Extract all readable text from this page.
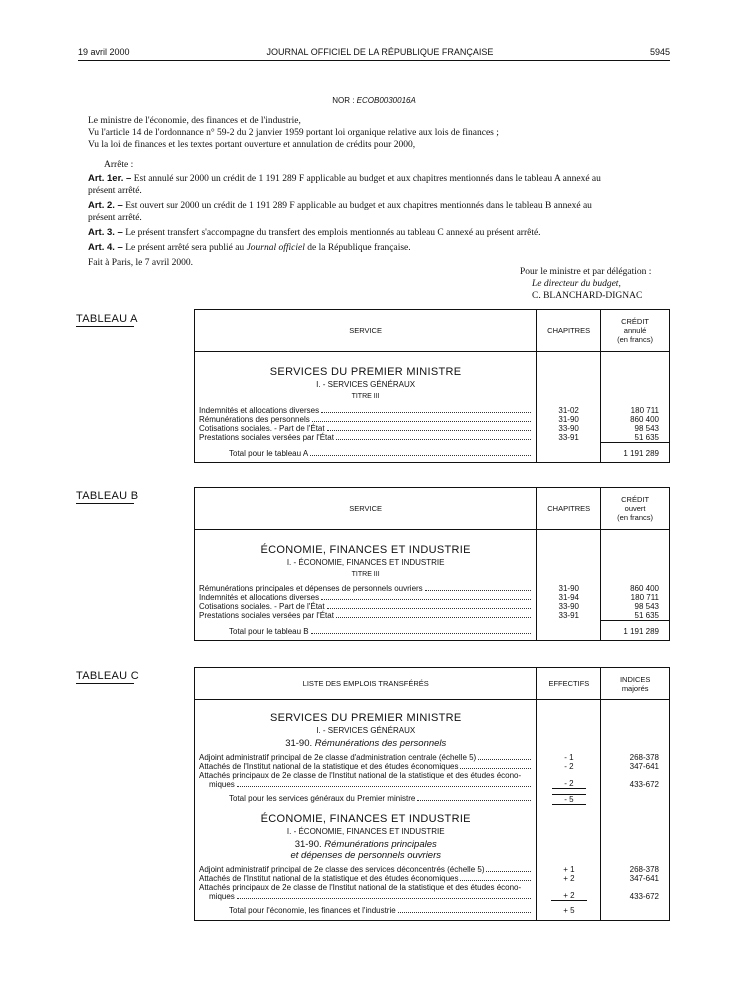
19 avril 2000	JOURNAL OFFICIEL DE LA RÉPUBLIQUE FRANÇAISE	5945
NOR : ECOB0030016A
Le ministre de l'économie, des finances et de l'industrie,
Vu l'article 14 de l'ordonnance n° 59-2 du 2 janvier 1959 portant loi organique relative aux lois de finances ;
Vu la loi de finances et les textes portant ouverture et annulation de crédits pour 2000,
Arrête :
Art. 1er. – Est annulé sur 2000 un crédit de 1 191 289 F applicable au budget et aux chapitres mentionnés dans le tableau A annexé au
présent arrêté.
Art. 2. – Est ouvert sur 2000 un crédit de 1 191 289 F applicable au budget et aux chapitres mentionnés dans le tableau B annexé au
présent arrêté.
Art. 3. – Le présent transfert s'accompagne du transfert des emplois mentionnés au tableau C annexé au présent arrêté.
Art. 4. – Le présent arrêté sera publié au Journal officiel de la République française.
Fait à Paris, le 7 avril 2000.
Pour le ministre et par délégation :
Le directeur du budget,
C. BLANCHARD-DIGNAC
TABLEAU A
SERVICE	CHAPITRES	CRÉDIT
annulé
(en francs)

SERVICES DU PREMIER MINISTRE		
I. - SERVICES GÉNÉRAUX		
TITRE III		

Indemnités et allocations diverses	31-02	180 711

Rémunérations des personnels	31-90	860 400

Cotisations sociales. - Part de l'État	33-90	98 543

Prestations sociales versées par l'État	33-91	51 635

Total pour le tableau A		1 191 289
TABLEAU B
SERVICE	CHAPITRES	CRÉDIT
ouvert
(en francs)

ÉCONOMIE, FINANCES ET INDUSTRIE		
I. - ÉCONOMIE, FINANCES ET INDUSTRIE		
TITRE III		

Rémunérations principales et dépenses de personnels ouvriers	31-90	860 400

Indemnités et allocations diverses	31-94	180 711

Cotisations sociales. - Part de l'État	33-90	98 543

Prestations sociales versées par l'État	33-91	51 635

Total pour le tableau B		1 191 289
TABLEAU C
LISTE DES EMPLOIS TRANSFÉRÉS	EFFECTIFS	INDICES
majorés

SERVICES DU PREMIER MINISTRE		
I. - SERVICES GÉNÉRAUX		
31-90. Rémunérations des personnels		

Adjoint administratif principal de 2e classe d'administration centrale (échelle 5)	- 1	268-378

Attachés de l'Institut national de la statistique et des études économiques	- 2	347-641

Attachés principaux de 2e classe de l'Institut national de la statistique et des études écono-
miques	- 2	433-672

Total pour les services généraux du Premier ministre	- 5	

ÉCONOMIE, FINANCES ET INDUSTRIE		
I. - ÉCONOMIE, FINANCES ET INDUSTRIE		
31-90. Rémunérations principales
et dépenses de personnels ouvriers		

Adjoint administratif principal de 2e classe des services déconcentrés (échelle 5)	+ 1	268-378

Attachés de l'Institut national de la statistique et des études économiques	+ 2	347-641

Attachés principaux de 2e classe de l'Institut national de la statistique et des études écono-
miques	+ 2	433-672

Total pour l'économie, les finances et l'industrie	+ 5	
